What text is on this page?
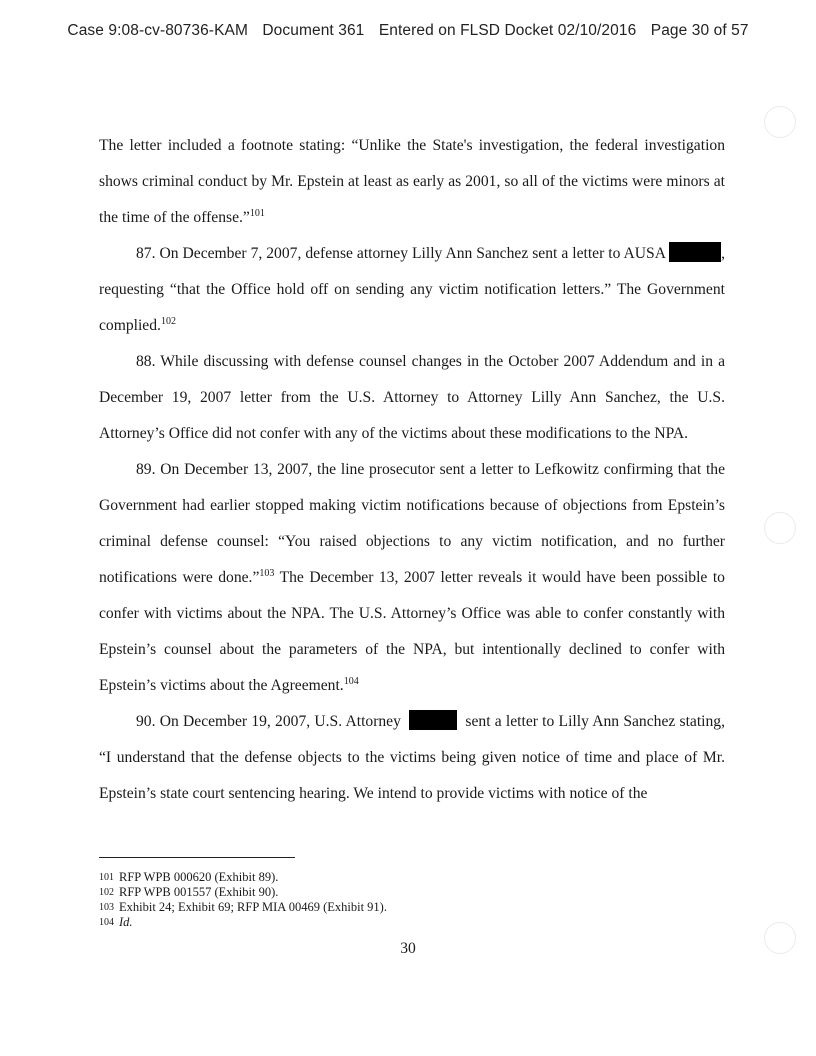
Case 9:08-cv-80736-KAM Document 361 Entered on FLSD Docket 02/10/2016 Page 30 of 57

The letter included a footnote stating: “Unlike the State's investigation, the federal investigation shows criminal conduct by Mr. Epstein at least as early as 2001, so all of the victims were minors at the time of the offense.”$^{101}$

87. On December 7, 2007, defense attorney Lilly Ann Sanchez sent a letter to AUSA	, requesting “that the Office hold off on sending any victim notification letters.” The Government complied.$^{102}$

88. While discussing with defense counsel changes in the October 2007 Addendum and in a December 19, 2007 letter from the U.S. Attorney to Attorney Lilly Ann Sanchez, the U.S. Attorney’s Office did not confer with any of the victims about these modifications to the NPA.

89. On December 13, 2007, the line prosecutor sent a letter to Lefkowitz confirming that the Government had earlier stopped making victim notifications because of objections from Epstein’s criminal defense counsel: “You raised objections to any victim notification, and no further notifications were done.”$^{103}$ The December 13, 2007 letter reveals it would have been possible to confer with victims about the NPA. The U.S. Attorney’s Office was able to confer constantly with Epstein’s counsel about the parameters of the NPA, but intentionally declined to confer with Epstein’s victims about the Agreement.$^{104}$

90. On December 19, 2007, U.S. Attorney	sent a letter to Lilly Ann Sanchez stating, “I understand that the defense objects to the victims being given notice of time and place of Mr. Epstein’s state court sentencing hearing. We intend to provide victims with notice of the

101 RFP WPB 000620 (Exhibit 89).
102 RFP WPB 001557 (Exhibit 90).
103 Exhibit 24; Exhibit 69; RFP MIA 00469 (Exhibit 91).
104 Id.
30
